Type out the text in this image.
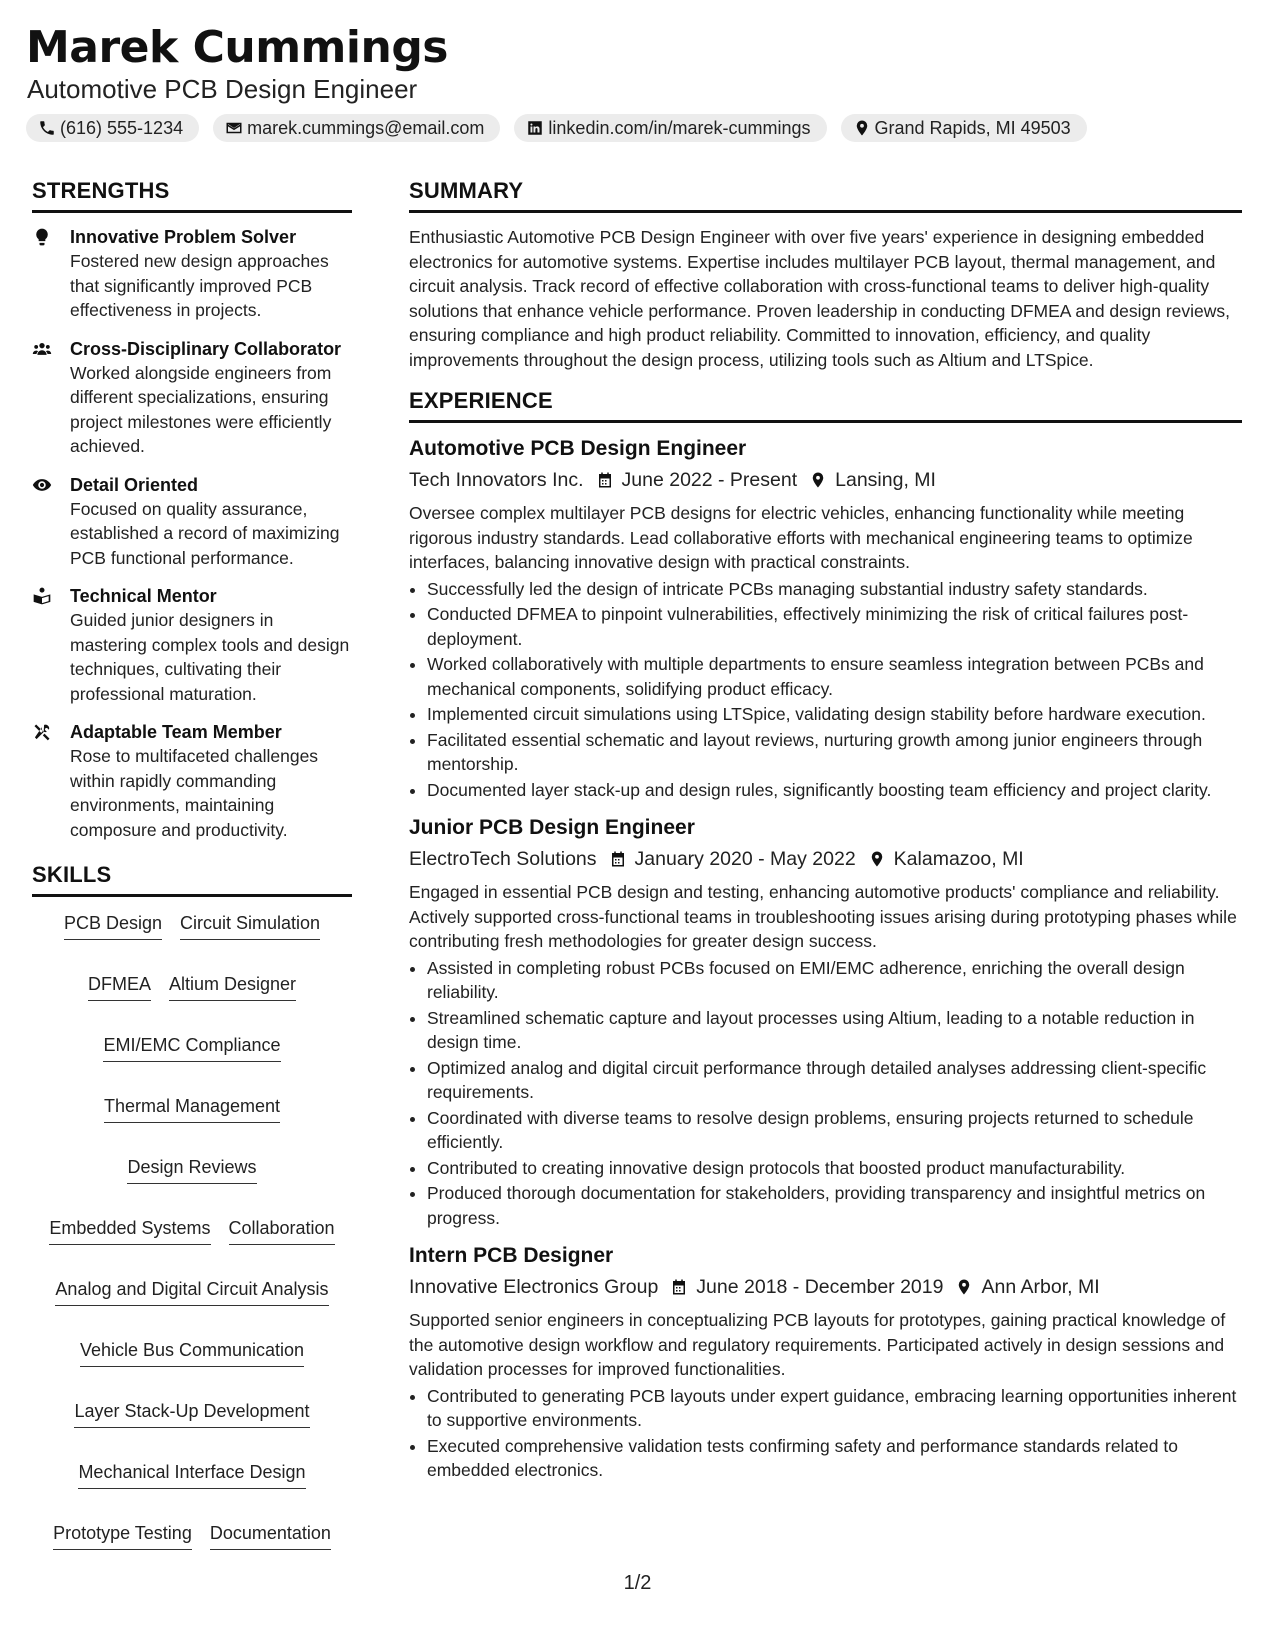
Marek Cummings
Automotive PCB Design Engineer
(616) 555-1234	marek.cummings@email.com	linkedin.com/in/marek-cummings	Grand Rapids, MI 49503
STRENGTHS
Innovative Problem Solver
Fostered new design approaches that significantly improved PCB effectiveness in projects.
Cross-Disciplinary Collaborator
Worked alongside engineers from different specializations, ensuring project milestones were efficiently achieved.
Detail Oriented
Focused on quality assurance, established a record of maximizing PCB functional performance.
Technical Mentor
Guided junior designers in mastering complex tools and design techniques, cultivating their professional maturation.
Adaptable Team Member
Rose to multifaceted challenges within rapidly commanding environments, maintaining composure and productivity.
SKILLS
PCB Design Circuit Simulation
DFMEA Altium Designer
EMI/EMC Compliance
Thermal Management
Design Reviews
Embedded Systems Collaboration
Analog and Digital Circuit Analysis
Vehicle Bus Communication
Layer Stack-Up Development
Mechanical Interface Design
Prototype Testing Documentation
SUMMARY
Enthusiastic Automotive PCB Design Engineer with over five years' experience in designing embedded electronics for automotive systems. Expertise includes multilayer PCB layout, thermal management, and circuit analysis. Track record of effective collaboration with cross-functional teams to deliver high-quality solutions that enhance vehicle performance. Proven leadership in conducting DFMEA and design reviews, ensuring compliance and high product reliability. Committed to innovation, efficiency, and quality improvements throughout the design process, utilizing tools such as Altium and LTSpice.
EXPERIENCE
Automotive PCB Design Engineer
Tech Innovators Inc. June 2022 - Present Lansing, MI
Oversee complex multilayer PCB designs for electric vehicles, enhancing functionality while meeting rigorous industry standards. Lead collaborative efforts with mechanical engineering teams to optimize interfaces, balancing innovative design with practical constraints.
• Successfully led the design of intricate PCBs managing substantial industry safety standards.
• Conducted DFMEA to pinpoint vulnerabilities, effectively minimizing the risk of critical failures post-deployment.
• Worked collaboratively with multiple departments to ensure seamless integration between PCBs and mechanical components, solidifying product efficacy.
• Implemented circuit simulations using LTSpice, validating design stability before hardware execution.
• Facilitated essential schematic and layout reviews, nurturing growth among junior engineers through mentorship.
• Documented layer stack-up and design rules, significantly boosting team efficiency and project clarity.
Junior PCB Design Engineer
ElectroTech Solutions January 2020 - May 2022 Kalamazoo, MI
Engaged in essential PCB design and testing, enhancing automotive products' compliance and reliability. Actively supported cross-functional teams in troubleshooting issues arising during prototyping phases while contributing fresh methodologies for greater design success.
• Assisted in completing robust PCBs focused on EMI/EMC adherence, enriching the overall design reliability.
• Streamlined schematic capture and layout processes using Altium, leading to a notable reduction in design time.
• Optimized analog and digital circuit performance through detailed analyses addressing client-specific requirements.
• Coordinated with diverse teams to resolve design problems, ensuring projects returned to schedule efficiently.
• Contributed to creating innovative design protocols that boosted product manufacturability.
• Produced thorough documentation for stakeholders, providing transparency and insightful metrics on progress.
Intern PCB Designer
Innovative Electronics Group June 2018 - December 2019 Ann Arbor, MI
Supported senior engineers in conceptualizing PCB layouts for prototypes, gaining practical knowledge of the automotive design workflow and regulatory requirements. Participated actively in design sessions and validation processes for improved functionalities.
• Contributed to generating PCB layouts under expert guidance, embracing learning opportunities inherent to supportive environments.
• Executed comprehensive validation tests confirming safety and performance standards related to embedded electronics.
1/2
